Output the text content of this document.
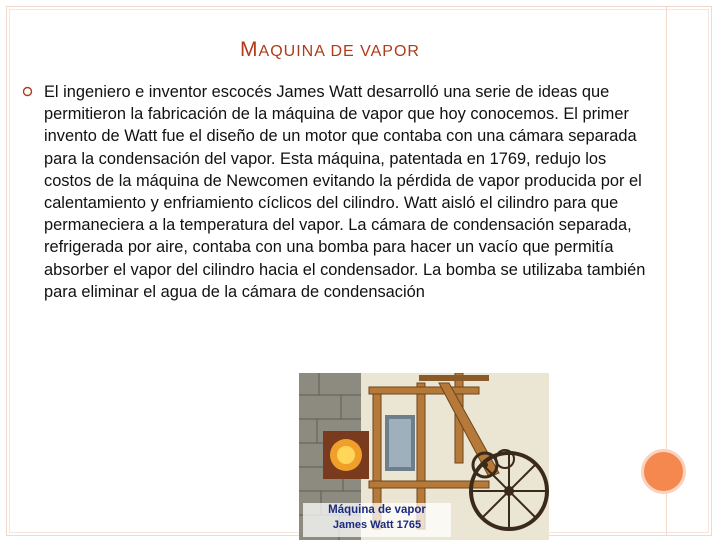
MAQUINA DE VAPOR

El ingeniero e inventor escocés James Watt desarrolló una serie de ideas que permitieron la fabricación de la máquina de vapor que hoy conocemos. El primer invento de Watt fue el diseño de un motor que contaba con una cámara separada para la condensación del vapor. Esta máquina, patentada en 1769, redujo los costos de la máquina de Newcomen evitando la pérdida de vapor producida por el calentamiento y enfriamiento cíclicos del cilindro. Watt aisló el cilindro para que permaneciera a la temperatura del vapor. La cámara de condensación separada, refrigerada por aire, contaba con una bomba para hacer un vacío que permitía absorber el vapor del cilindro hacia el condensador. La bomba se utilizaba también para eliminar el agua de la cámara de condensación

Máquina de vapor
James Watt 1765
